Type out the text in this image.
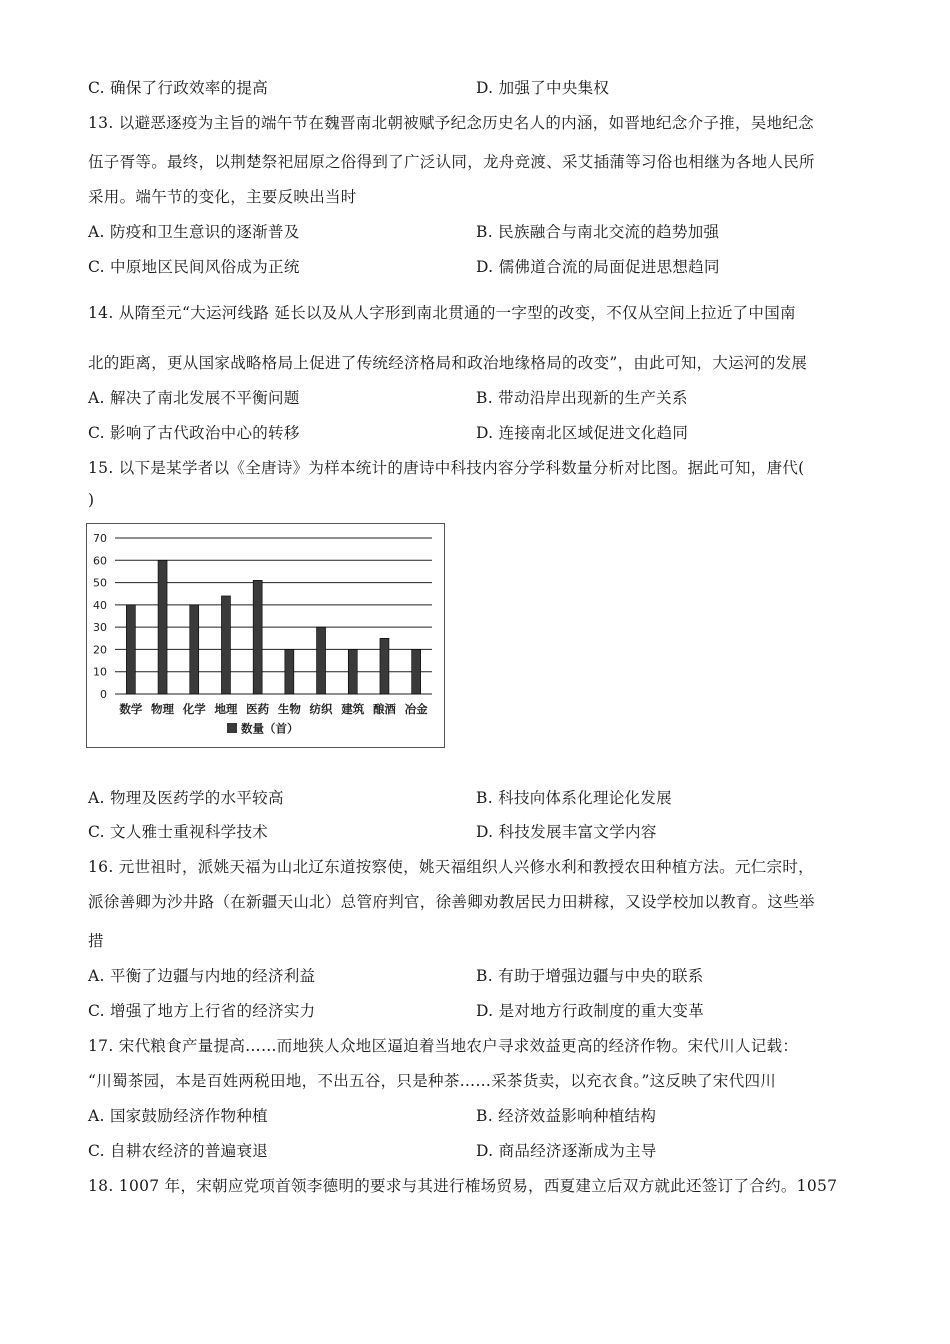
C. 确保了行政效率的提高	D. 加强了中央集权
13. 以避恶逐疫为主旨的端午节在魏晋南北朝被赋予纪念历史名人的内涵，如晋地纪念介子推，吴地纪念
伍子胥等。最终，以荆楚祭祀屈原之俗得到了广泛认同，龙舟竞渡、采艾插蒲等习俗也相继为各地人民所
采用。端午节的变化，主要反映出当时
A. 防疫和卫生意识的逐渐普及	B. 民族融合与南北交流的趋势加强
C. 中原地区民间风俗成为正统	D. 儒佛道合流的局面促进思想趋同
14. 从隋至元“大运河线路 延长以及从人字形到南北贯通的一字型的改变，不仅从空间上拉近了中国南
北的距离，更从国家战略格局上促进了传统经济格局和政治地缘格局的改变”，由此可知，大运河的发展
A. 解决了南北发展不平衡问题	B. 带动沿岸出现新的生产关系
C. 影响了古代政治中心的转移	D. 连接南北区域促进文化趋同
15. 以下是某学者以《全唐诗》为样本统计的唐诗中科技内容分学科数量分析对比图。据此可知，唐代(
)
0
10
20
30
40
50
60
70
数学 物理 化学 地理 医药 生物 纺织 建筑 酿酒 冶金
数量（首）
A. 物理及医药学的水平较高	B. 科技向体系化理论化发展
C. 文人雅士重视科学技术	D. 科技发展丰富文学内容
16. 元世祖时，派姚天福为山北辽东道按察使，姚天福组织人兴修水利和教授农田种植方法。元仁宗时，
派徐善卿为沙井路（在新疆天山北）总管府判官，徐善卿劝教居民力田耕稼，又设学校加以教育。这些举
措
A. 平衡了边疆与内地的经济利益	B. 有助于增强边疆与中央的联系
C. 增强了地方上行省的经济实力	D. 是对地方行政制度的重大变革
17. 宋代粮食产量提高……而地狭人众地区逼迫着当地农户寻求效益更高的经济作物。宋代川人记载：
“川蜀茶园，本是百姓两税田地，不出五谷，只是种茶……采茶货卖，以充衣食。”这反映了宋代四川
A. 国家鼓励经济作物种植	B. 经济效益影响种植结构
C. 自耕农经济的普遍衰退	D. 商品经济逐渐成为主导
18. 1007 年，宋朝应党项首领李德明的要求与其进行榷场贸易，西夏建立后双方就此还签订了合约。1057
